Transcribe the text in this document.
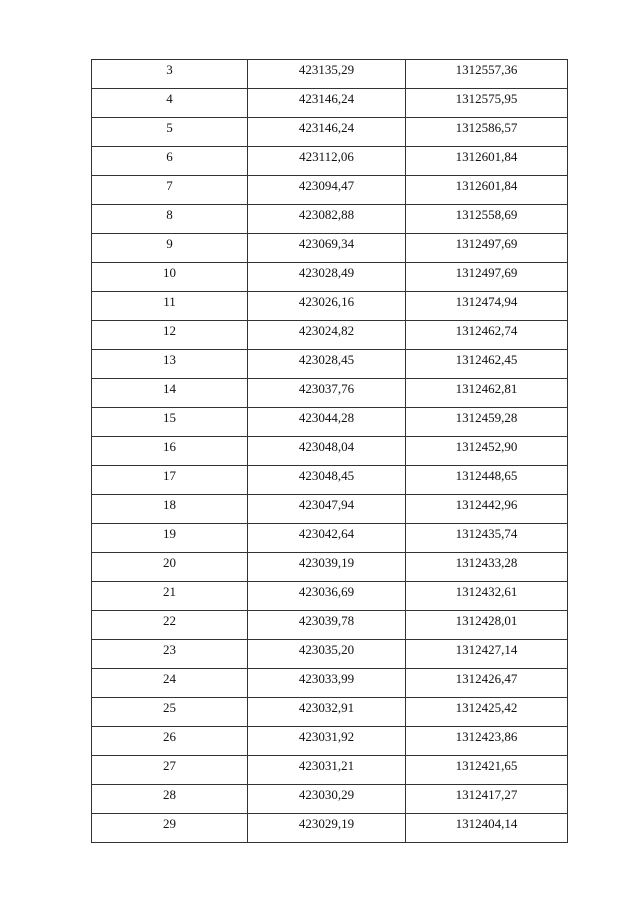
3	423135,29	1312557,36
4	423146,24	1312575,95
5	423146,24	1312586,57
6	423112,06	1312601,84
7	423094,47	1312601,84
8	423082,88	1312558,69
9	423069,34	1312497,69
10	423028,49	1312497,69
11	423026,16	1312474,94
12	423024,82	1312462,74
13	423028,45	1312462,45
14	423037,76	1312462,81
15	423044,28	1312459,28
16	423048,04	1312452,90
17	423048,45	1312448,65
18	423047,94	1312442,96
19	423042,64	1312435,74
20	423039,19	1312433,28
21	423036,69	1312432,61
22	423039,78	1312428,01
23	423035,20	1312427,14
24	423033,99	1312426,47
25	423032,91	1312425,42
26	423031,92	1312423,86
27	423031,21	1312421,65
28	423030,29	1312417,27
29	423029,19	1312404,14
